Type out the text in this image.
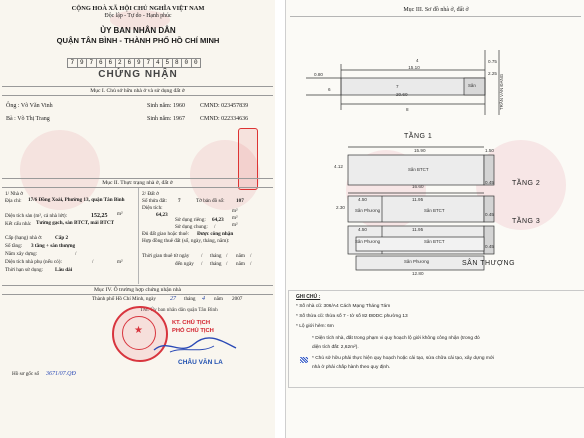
CỘNG HOÀ XÃ HỘI CHỦ NGHĨA VIỆT NAM
Độc lập - Tự do - Hạnh phúc
ỦY BAN NHÂN DÂN
QUẬN TÂN BÌNH - THÀNH PHỐ HỒ CHÍ MINH
7 9 7 6 6 2 6 9 7 4 5 8 0 0
CHỨNG NHẬN
Mục I. Chủ sở hữu nhà ở và sử dụng đất ở
Ông : Võ Văn Vinh	Sinh năm: 1960 CMND: 023457839
Bà : Võ Thị Trang	Sinh năm: 1967 CMND: 022334636
Mục II. Thực trạng nhà ở, đất ở
1/ Nhà ở
Địa chỉ: 17/6 Đồng Xoài, Phường 13, quận Tân Bình
Diện tích sàn (m², cả nhà lớt):	152,25 m²
Kết cấu nhà: Tường gạch, sàn BTCT, mái BTCT
Cấp (hạng) nhà ở: Cấp 2
Số tầng: 3 tầng + sân thượng
Năm xây dựng:	/
Diện tích nhà phụ (nếu có):	/	m²
Thời hạn sử dụng: Lâu dài
2/ Đất ở
Số thửa đất: 7	Tờ bản đồ số: 107
Diện tích:
64,23
m²
Sử dụng riêng: 64,23 m²
Sử dụng chung: /	m²
Đủ đất giao hoặc thuê: Được công nhận
Hợp đồng thuê đất (số, ngày, tháng, năm):
Thời gian thuê từ ngày / tháng / năm /
đến ngày / tháng / năm /
Mục IV. Ô trường hợp chứng nhận nhà
Thành phố Hồ Chí Minh, ngày 27 tháng 4 năm 2007
TM. Ủy ban nhân dân quận Tân Bình
KT. CHỦ TỊCH
PHÓ CHỦ TỊCH
★
CHÂU VĂN LA
Hồ sơ gốc số 3671/07.QĐ
Mục III. Sơ đồ nhà ở, đất ở
0.80
15.10
0.75
4
2.25
7
20.60
6
8
Sân	TRẦN VĂN ĐANG
TẦNG 1
TẦNG 2
TẦNG 3
SÂN THƯỢNG
15.90	1.50
4.12
Sân BTCT
16.60
0.45
4.50
2.30
Sân Phương	Sân BTCT
11.95
0.45
4.50
Sân Phương	Sân BTCT
11.95
0.45
Sân Phương
12.80
GHI CHÚ :
* Số nhà cũ: 306/A4 Cách Mạng Tháng Tám
* Số thửa cũ: thửa số 7 - tờ số 82 ĐĐDC phường 13
* Lộ giới hẻm: 6m
* Diện tích nhà, đất trong phạm vi quy hoạch lộ giới không công nhận (trong đó
diện tích đất: 2,62m²).
* Chủ sở hữu phải thực hiện quy hoạch hoặc cải tạo, sửa chữa cải tạo, xây dựng mới
nhà ở phải chấp hành theo quy định.
